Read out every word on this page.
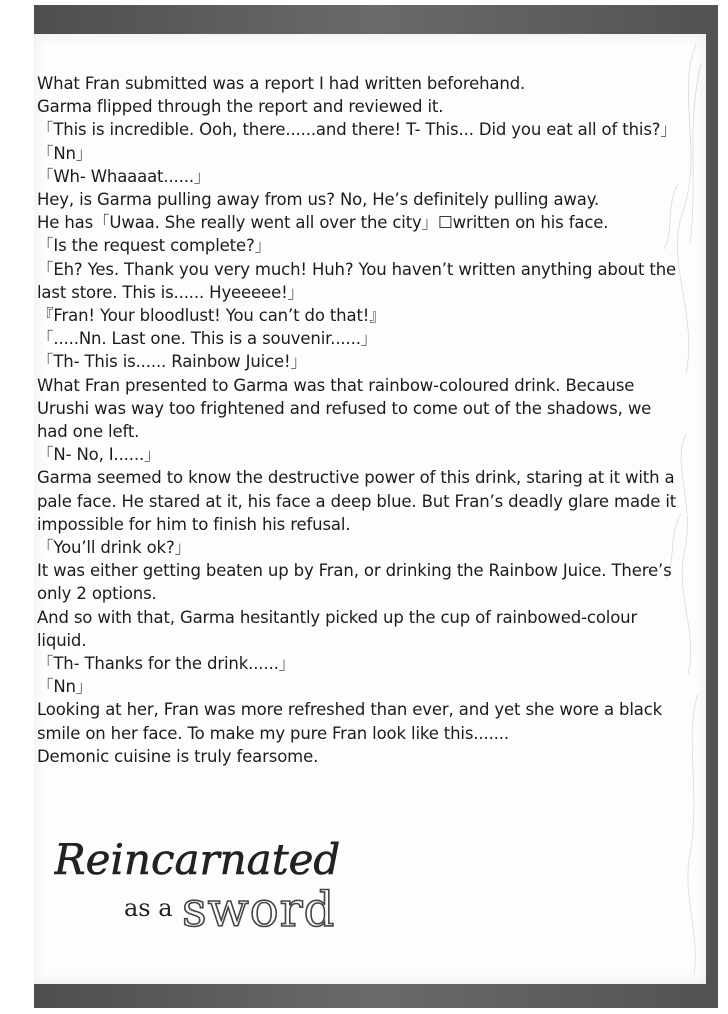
What Fran submitted was a report I had written beforehand.

Garma flipped through the report and reviewed it.

「This is incredible. Ooh, there......and there! T- This... Did you eat all of this?」

「Nn」

「Wh- Whaaaat......」

Hey, is Garma pulling away from us? No, He’s definitely pulling away.

He has「Uwaa. She really went all over the city」☐written on his face.

「Is the request complete?」

「Eh? Yes. Thank you very much! Huh? You haven’t written anything about the last store. This is...... Hyeeeee!」

『Fran! Your bloodlust! You can’t do that!』

「.....Nn. Last one. This is a souvenir......」

「Th- This is...... Rainbow Juice!」

What Fran presented to Garma was that rainbow-coloured drink. Because Urushi was way too frightened and refused to come out of the shadows, we had one left.

「N- No, I......」

Garma seemed to know the destructive power of this drink, staring at it with a pale face. He stared at it, his face a deep blue. But Fran’s deadly glare made it impossible for him to finish his refusal.

「You’ll drink ok?」

It was either getting beaten up by Fran, or drinking the Rainbow Juice. There’s only 2 options.

And so with that, Garma hesitantly picked up the cup of rainbowed-colour liquid.

「Th- Thanks for the drink......」

「Nn」

Looking at her, Fran was more refreshed than ever, and yet she wore a black smile on her face. To make my pure Fran look like this.......

Demonic cuisine is truly fearsome.

Reincarnated
as a sword
